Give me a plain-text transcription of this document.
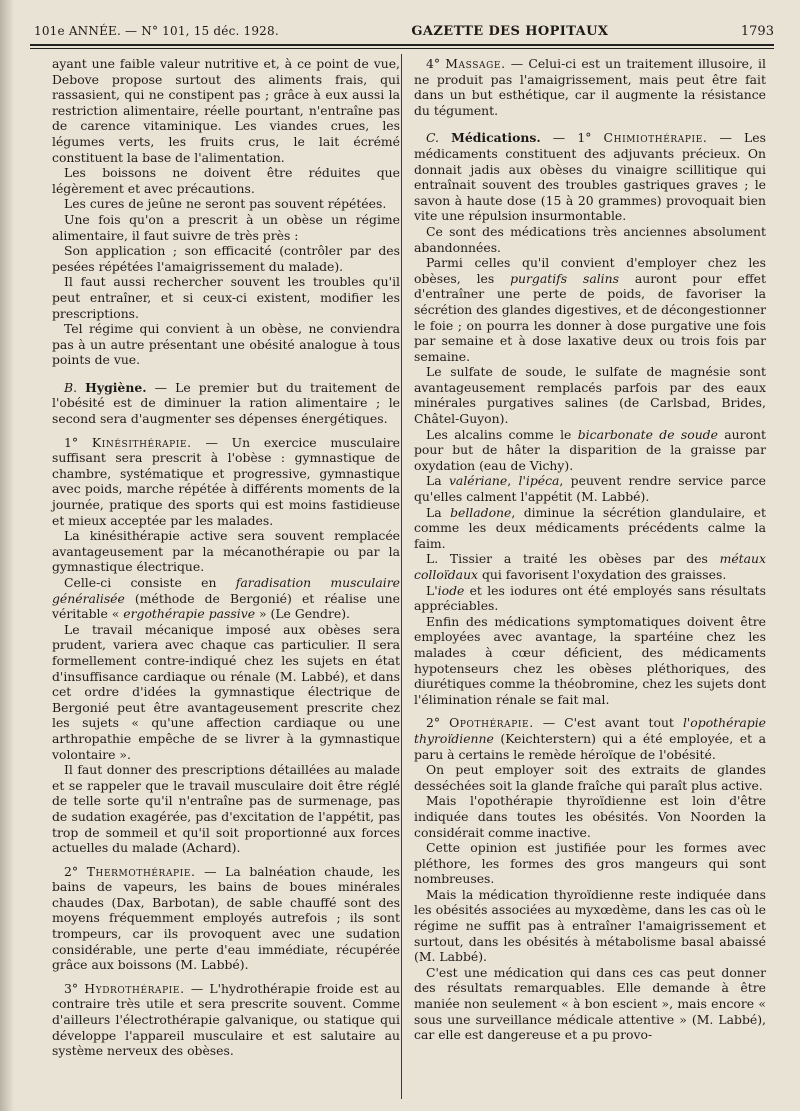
101e ANNÉE. — N° 101, 15 déc. 1928.	GAZETTE DES HOPITAUX	1793

ayant une faible valeur nutritive et, à ce point de vue, Debove propose surtout des aliments frais, qui rassasient, qui ne constipent pas ; grâce à eux aussi la restriction alimentaire, réelle pourtant, n'entraîne pas de carence vitaminique. Les viandes crues, les légumes verts, les fruits crus, le lait écrémé constituent la base de l'alimentation.

Les boissons ne doivent être réduites que légèrement et avec précautions.

Les cures de jeûne ne seront pas souvent répétées.

Une fois qu'on a prescrit à un obèse un régime alimentaire, il faut suivre de très près :

Son application ; son efficacité (contrôler par des pesées répétées l'amaigrissement du malade).

Il faut aussi rechercher souvent les troubles qu'il peut entraîner, et si ceux-ci existent, modifier les prescriptions.

Tel régime qui convient à un obèse, ne conviendra pas à un autre présentant une obésité analogue à tous points de vue.

B. Hygiène. — Le premier but du traitement de l'obésité est de diminuer la ration alimentaire ; le second sera d'augmenter ses dépenses énergétiques.

1° Kinésithérapie. — Un exercice musculaire suffisant sera prescrit à l'obèse : gymnastique de chambre, systématique et progressive, gymnastique avec poids, marche répétée à différents moments de la journée, pratique des sports qui est moins fastidieuse et mieux acceptée par les malades.

La kinésithérapie active sera souvent remplacée avantageusement par la mécanothérapie ou par la gymnastique électrique.

Celle-ci consiste en faradisation musculaire généralisée (méthode de Bergonié) et réalise une véritable « ergothérapie passive » (Le Gendre).

Le travail mécanique imposé aux obèses sera prudent, variera avec chaque cas particulier. Il sera formellement contre-indiqué chez les sujets en état d'insuffisance cardiaque ou rénale (M. Labbé), et dans cet ordre d'idées la gymnastique électrique de Bergonié peut être avantageusement prescrite chez les sujets « qu'une affection cardiaque ou une arthropathie empêche de se livrer à la gymnastique volontaire ».

Il faut donner des prescriptions détaillées au malade et se rappeler que le travail musculaire doit être réglé de telle sorte qu'il n'entraîne pas de surmenage, pas de sudation exagérée, pas d'excitation de l'appétit, pas trop de sommeil et qu'il soit proportionné aux forces actuelles du malade (Achard).

2° Thermothérapie. — La balnéation chaude, les bains de vapeurs, les bains de boues minérales chaudes (Dax, Barbotan), de sable chauffé sont des moyens fréquemment employés autrefois ; ils sont trompeurs, car ils provoquent avec une sudation considérable, une perte d'eau immédiate, récupérée grâce aux boissons (M. Labbé).

3° Hydrothérapie. — L'hydrothérapie froide est au contraire très utile et sera prescrite souvent. Comme d'ailleurs l'électrothérapie galvanique, ou statique qui développe l'appareil musculaire et est salutaire au système nerveux des obèses.

4° Massage. — Celui-ci est un traitement illusoire, il ne produit pas l'amaigrissement, mais peut être fait dans un but esthétique, car il augmente la résistance du tégument.

C. Médications. — 1° Chimiothérapie. — Les médicaments constituent des adjuvants précieux. On donnait jadis aux obèses du vinaigre scillitique qui entraînait souvent des troubles gastriques graves ; le savon à haute dose (15 à 20 grammes) provoquait bien vite une répulsion insurmontable.

Ce sont des médications très anciennes absolument abandonnées.

Parmi celles qu'il convient d'employer chez les obèses, les purgatifs salins auront pour effet d'entraîner une perte de poids, de favoriser la sécrétion des glandes digestives, et de décongestionner le foie ; on pourra les donner à dose purgative une fois par semaine et à dose laxative deux ou trois fois par semaine.

Le sulfate de soude, le sulfate de magnésie sont avantageusement remplacés parfois par des eaux minérales purgatives salines (de Carlsbad, Brides, Châtel-Guyon).

Les alcalins comme le bicarbonate de soude auront pour but de hâter la disparition de la graisse par oxydation (eau de Vichy).

La valériane, l'ipéca, peuvent rendre service parce qu'elles calment l'appétit (M. Labbé).

La belladone, diminue la sécrétion glandulaire, et comme les deux médicaments précédents calme la faim.

L. Tissier a traité les obèses par des métaux colloïdaux qui favorisent l'oxydation des graisses.

L'iode et les iodures ont été employés sans résultats appréciables.

Enfin des médications symptomatiques doivent être employées avec avantage, la spartéine chez les malades à cœur déficient, des médicaments hypotenseurs chez les obèses pléthoriques, des diurétiques comme la théobromine, chez les sujets dont l'élimination rénale se fait mal.

2° Opothérapie. — C'est avant tout l'opothérapie thyroïdienne (Keichterstern) qui a été employée, et a paru à certains le remède héroïque de l'obésité.

On peut employer soit des extraits de glandes desséchées soit la glande fraîche qui paraît plus active.

Mais l'opothérapie thyroïdienne est loin d'être indiquée dans toutes les obésités. Von Noorden la considérait comme inactive.

Cette opinion est justifiée pour les formes avec pléthore, les formes des gros mangeurs qui sont nombreuses.

Mais la médication thyroïdienne reste indiquée dans les obésités associées au myxœdème, dans les cas où le régime ne suffit pas à entraîner l'amaigrissement et surtout, dans les obésités à métabolisme basal abaissé (M. Labbé).

C'est une médication qui dans ces cas peut donner des résultats remarquables. Elle demande à être maniée non seulement « à bon escient », mais encore « sous une surveillance médicale attentive » (M. Labbé), car elle est dangereuse et a pu provo-
